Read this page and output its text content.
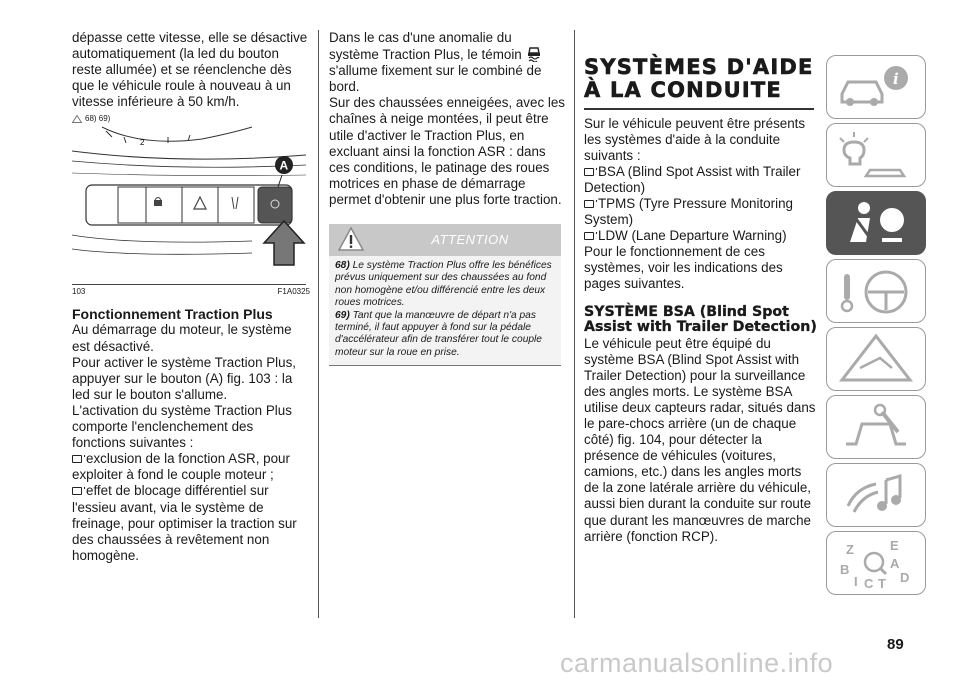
dépasse cette vitesse, elle se désactive automatiquement (la led du bouton reste allumée) et se réenclenche dès que le véhicule roule à nouveau à un vitesse inférieure à 50 km/h.

68) 69)
2
A
103	F1A0325
Fonctionnement Traction Plus

Au démarrage du moteur, le système est désactivé.

Pour activer le système Traction Plus, appuyer sur le bouton (A) fig. 103 : la led sur le bouton s'allume.

L'activation du système Traction Plus comporte l'enclenchement des fonctions suivantes :

exclusion de la fonction ASR, pour exploiter à fond le couple moteur ;

effet de blocage différentiel sur l'essieu avant, via le système de freinage, pour optimiser la traction sur des chaussées à revêtement non homogène.

Dans le cas d'une anomalie du système Traction Plus, le témoin  s'allume fixement sur le combiné de bord.

Sur des chaussées enneigées, avec les chaînes à neige montées, il peut être utile d'activer le Traction Plus, en excluant ainsi la fonction ASR : dans ces conditions, le patinage des roues motrices en phase de démarrage permet d'obtenir une plus forte traction.

ATTENTION

68) Le système Traction Plus offre les bénéfices prévus uniquement sur des chaussées au fond non homogène et/ou différencié entre les deux roues motrices.

69) Tant que la manœuvre de départ n'a pas terminé, il faut appuyer à fond sur la pédale d'accélérateur afin de transférer tout le couple moteur sur la roue en prise.

SYSTÈMES D'AIDE À LA CONDUITE

Sur le véhicule peuvent être présents les systèmes d'aide à la conduite suivants :

BSA (Blind Spot Assist with Trailer Detection)

TPMS (Tyre Pressure Monitoring System)

LDW (Lane Departure Warning)

Pour le fonctionnement de ces systèmes, voir les indications des pages suivantes.

SYSTÈME BSA (Blind Spot Assist with Trailer Detection)

Le véhicule peut être équipé du système BSA (Blind Spot Assist with Trailer Detection) pour la surveillance des angles morts. Le système BSA utilise deux capteurs radar, situés dans le pare-chocs arrière (un de chaque côté) fig. 104, pour détecter la présence de véhicules (voitures, camions, etc.) dans les angles morts de la zone latérale arrière du véhicule, aussi bien durant la conduite sur route que durant les manœuvres de marche arrière (fonction RCP).

i
Z	E
B	A
I C T D
89
carmanualsonline.info
